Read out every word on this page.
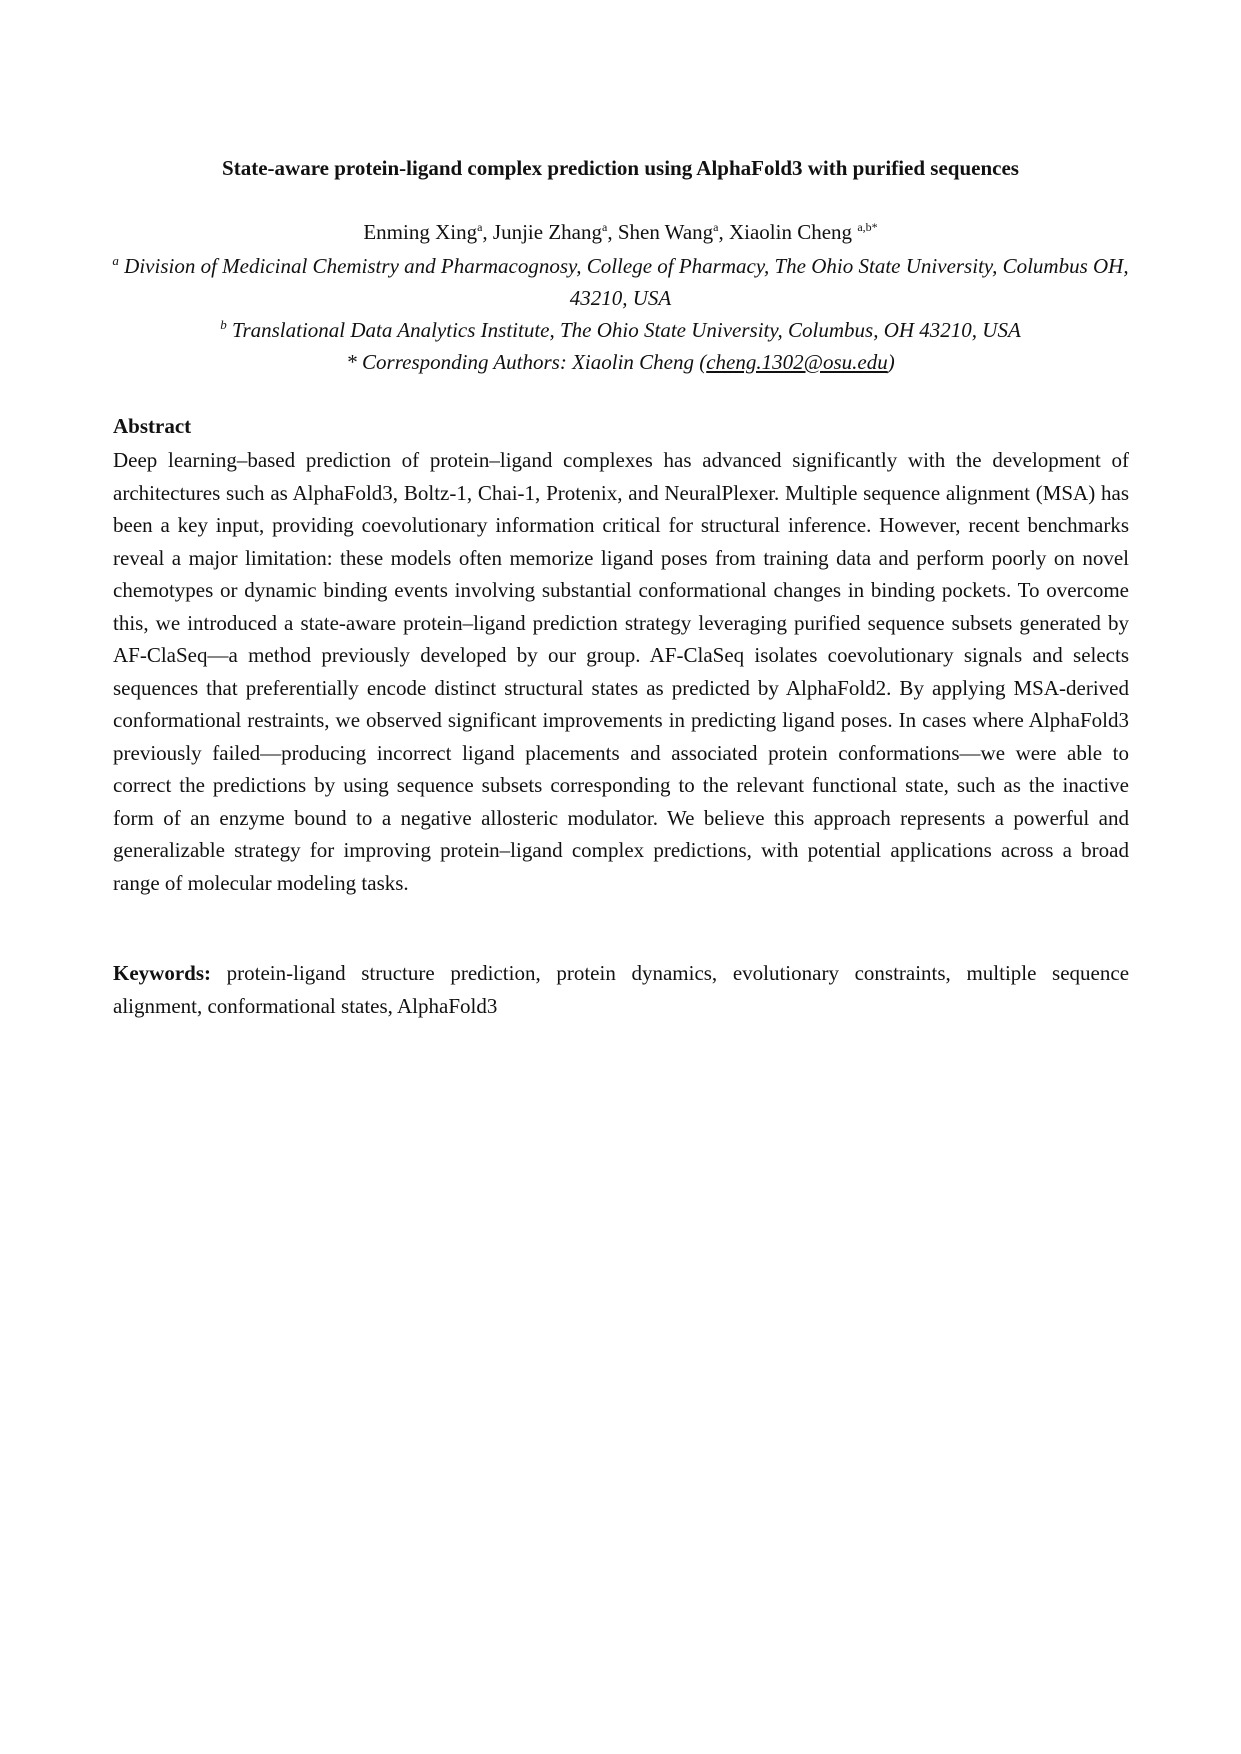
State-aware protein-ligand complex prediction using AlphaFold3 with purified sequences
Enming Xing$^a$, Junjie Zhang$^a$, Shen Wang$^a$, Xiaolin Cheng $^{a,b*}$
$^a$ Division of Medicinal Chemistry and Pharmacognosy, College of Pharmacy, The Ohio State University, Columbus OH, 43210, USA
$^b$ Translational Data Analytics Institute, The Ohio State University, Columbus, OH 43210, USA
* Corresponding Authors: Xiaolin Cheng (cheng.1302@osu.edu)
Abstract

Deep learning–based prediction of protein–ligand complexes has advanced significantly with the development of architectures such as AlphaFold3, Boltz-1, Chai-1, Protenix, and NeuralPlexer. Multiple sequence alignment (MSA) has been a key input, providing coevolutionary information critical for structural inference. However, recent benchmarks reveal a major limitation: these models often memorize ligand poses from training data and perform poorly on novel chemotypes or dynamic binding events involving substantial conformational changes in binding pockets. To overcome this, we introduced a state-aware protein–ligand prediction strategy leveraging purified sequence subsets generated by AF-ClaSeq—a method previously developed by our group. AF-ClaSeq isolates coevolutionary signals and selects sequences that preferentially encode distinct structural states as predicted by AlphaFold2. By applying MSA-derived conformational restraints, we observed significant improvements in predicting ligand poses. In cases where AlphaFold3 previously failed—producing incorrect ligand placements and associated protein conformations—we were able to correct the predictions by using sequence subsets corresponding to the relevant functional state, such as the inactive form of an enzyme bound to a negative allosteric modulator. We believe this approach represents a powerful and generalizable strategy for improving protein–ligand complex predictions, with potential applications across a broad range of molecular modeling tasks.

Keywords: protein-ligand structure prediction, protein dynamics, evolutionary constraints, multiple sequence alignment, conformational states, AlphaFold3
